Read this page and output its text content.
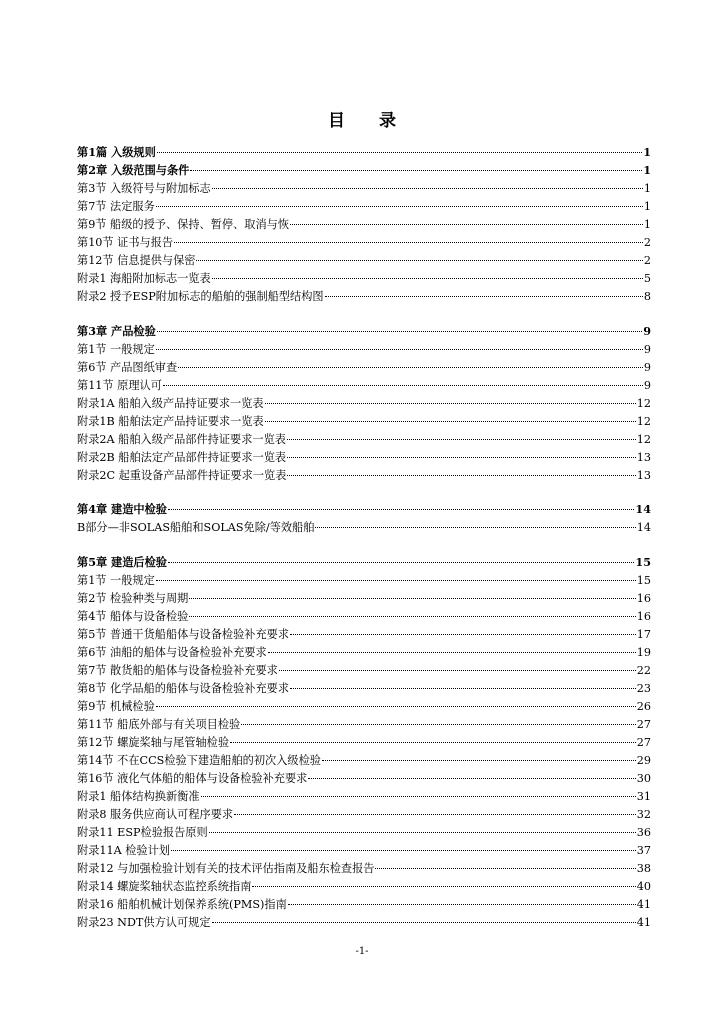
目 录
第1篇 入级规则	1
第2章 入级范围与条件	1
第3节 入级符号与附加标志	1
第7节 法定服务	1
第9节 船级的授予、保持、暂停、取消与恢	1
第10节 证书与报告	2
第12节 信息提供与保密	2
附录1 海船附加标志一览表	5
附录2 授予ESP附加标志的船舶的强制船型结构图	8
第3章 产品检验	9
第1节 一般规定	9
第6节 产品图纸审查	9
第11节 原理认可	9
附录1A 船舶入级产品持证要求一览表	12
附录1B 船舶法定产品持证要求一览表	12
附录2A 船舶入级产品部件持证要求一览表	12
附录2B 船舶法定产品部件持证要求一览表	13
附录2C 起重设备产品部件持证要求一览表	13
第4章 建造中检验	14
B部分—非SOLAS船舶和SOLAS免除/等效船舶	14
第5章 建造后检验	15
第1节 一般规定	15
第2节 检验种类与周期	16
第4节 船体与设备检验	16
第5节 普通干货船船体与设备检验补充要求	17
第6节 油船的船体与设备检验补充要求	19
第7节 散货船的船体与设备检验补充要求	22
第8节 化学品船的船体与设备检验补充要求	23
第9节 机械检验	26
第11节 船底外部与有关项目检验	27
第12节 螺旋桨轴与尾管轴检验	27
第14节 不在CCS检验下建造船舶的初次入级检验	29
第16节 液化气体船的船体与设备检验补充要求	30
附录1 船体结构换新衡准	31
附录8 服务供应商认可程序要求	32
附录11 ESP检验报告原则	36
附录11A 检验计划	37
附录12 与加强检验计划有关的技术评估指南及船东检查报告	38
附录14 螺旋桨轴状态监控系统指南	40
附录16 船舶机械计划保养系统(PMS)指南	41
附录23 NDT供方认可规定	41
-1-
